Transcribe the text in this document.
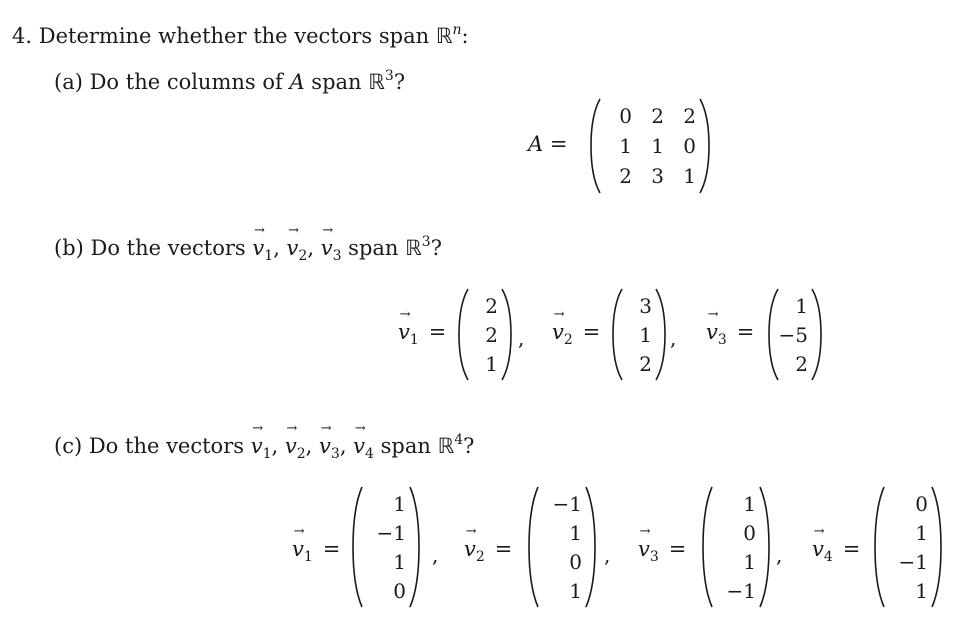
4. Determine whether the vectors span ℝ$^n$:
(a) Do the columns of A span ℝ$^3$?
A =
0 2 2
1 1 0
2 3 1
(b) Do the vectors → $v_1$, → $v_2$, → $v_3$ span ℝ$^3$?
→ $v_1$ =
2
2
1
, → $v_2$ =
3
1
2
, → $v_3$ =
1
−5
2
(c) Do the vectors → $v_1$, → $v_2$, → $v_3$, → $v_4$ span ℝ$^4$?
→ $v_1$ =
1
−1
1
0
, → $v_2$ =
−1
1
0
1
, → $v_3$ =
1
0
1
−1
, → $v_4$ =
0
1
−1
1
